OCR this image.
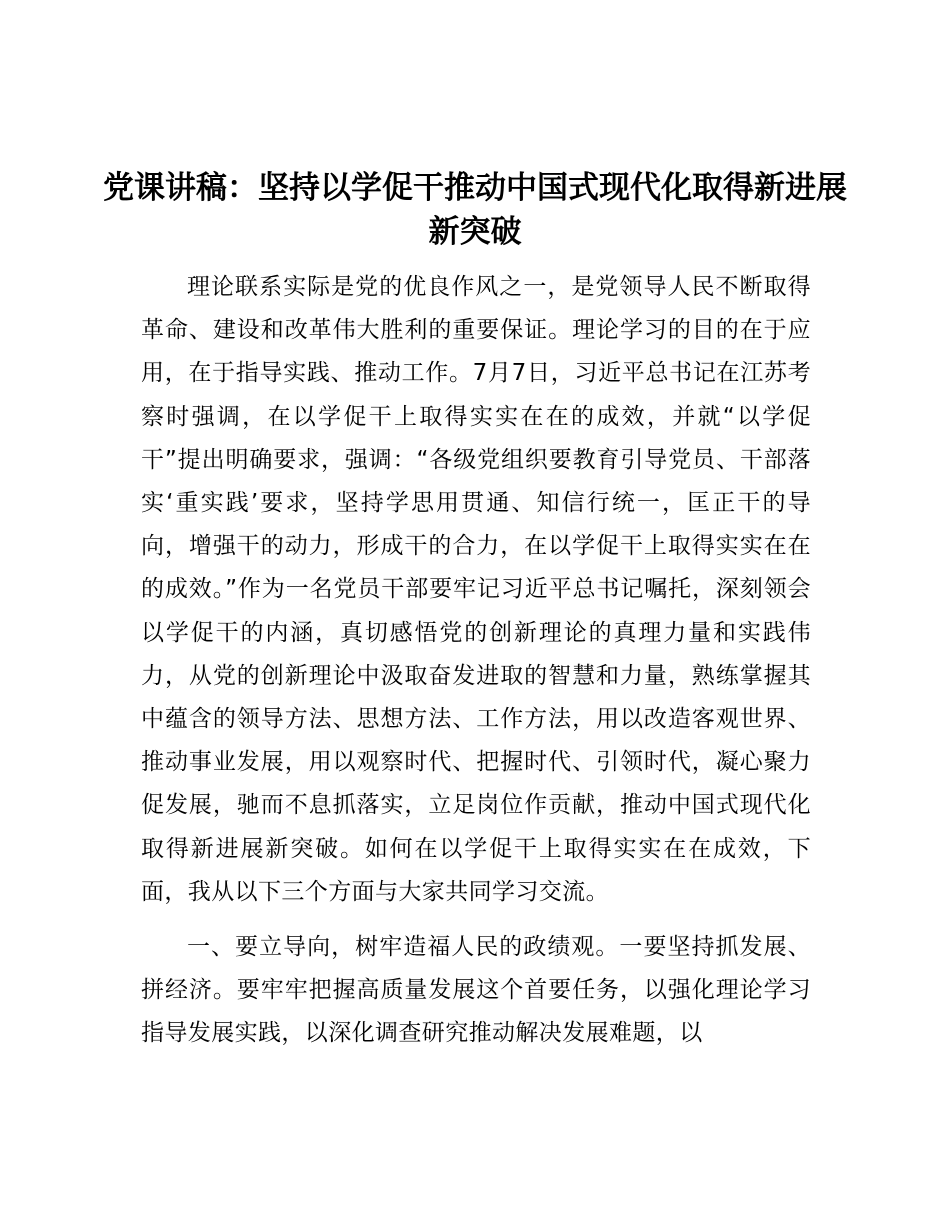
党课讲稿：坚持以学促干推动中国式现代化取得新进展新突破

理论联系实际是党的优良作风之一，是党领导人民不断取得革命、建设和改革伟大胜利的重要保证。理论学习的目的在于应用，在于指导实践、推动工作。7月7日，习近平总书记在江苏考察时强调，在以学促干上取得实实在在的成效，并就“以学促干”提出明确要求，强调：“各级党组织要教育引导党员、干部落实‘重实践’要求，坚持学思用贯通、知信行统一，匡正干的导向，增强干的动力，形成干的合力，在以学促干上取得实实在在的成效。”作为一名党员干部要牢记习近平总书记嘱托，深刻领会以学促干的内涵，真切感悟党的创新理论的真理力量和实践伟力，从党的创新理论中汲取奋发进取的智慧和力量，熟练掌握其中蕴含的领导方法、思想方法、工作方法，用以改造客观世界、推动事业发展，用以观察时代、把握时代、引领时代，凝心聚力促发展，驰而不息抓落实，立足岗位作贡献，推动中国式现代化取得新进展新突破。如何在以学促干上取得实实在在成效，下面，我从以下三个方面与大家共同学习交流。

一、要立导向，树牢造福人民的政绩观。一要坚持抓发展、拼经济。要牢牢把握高质量发展这个首要任务，以强化理论学习指导发展实践，以深化调查研究推动解决发展难题，以
